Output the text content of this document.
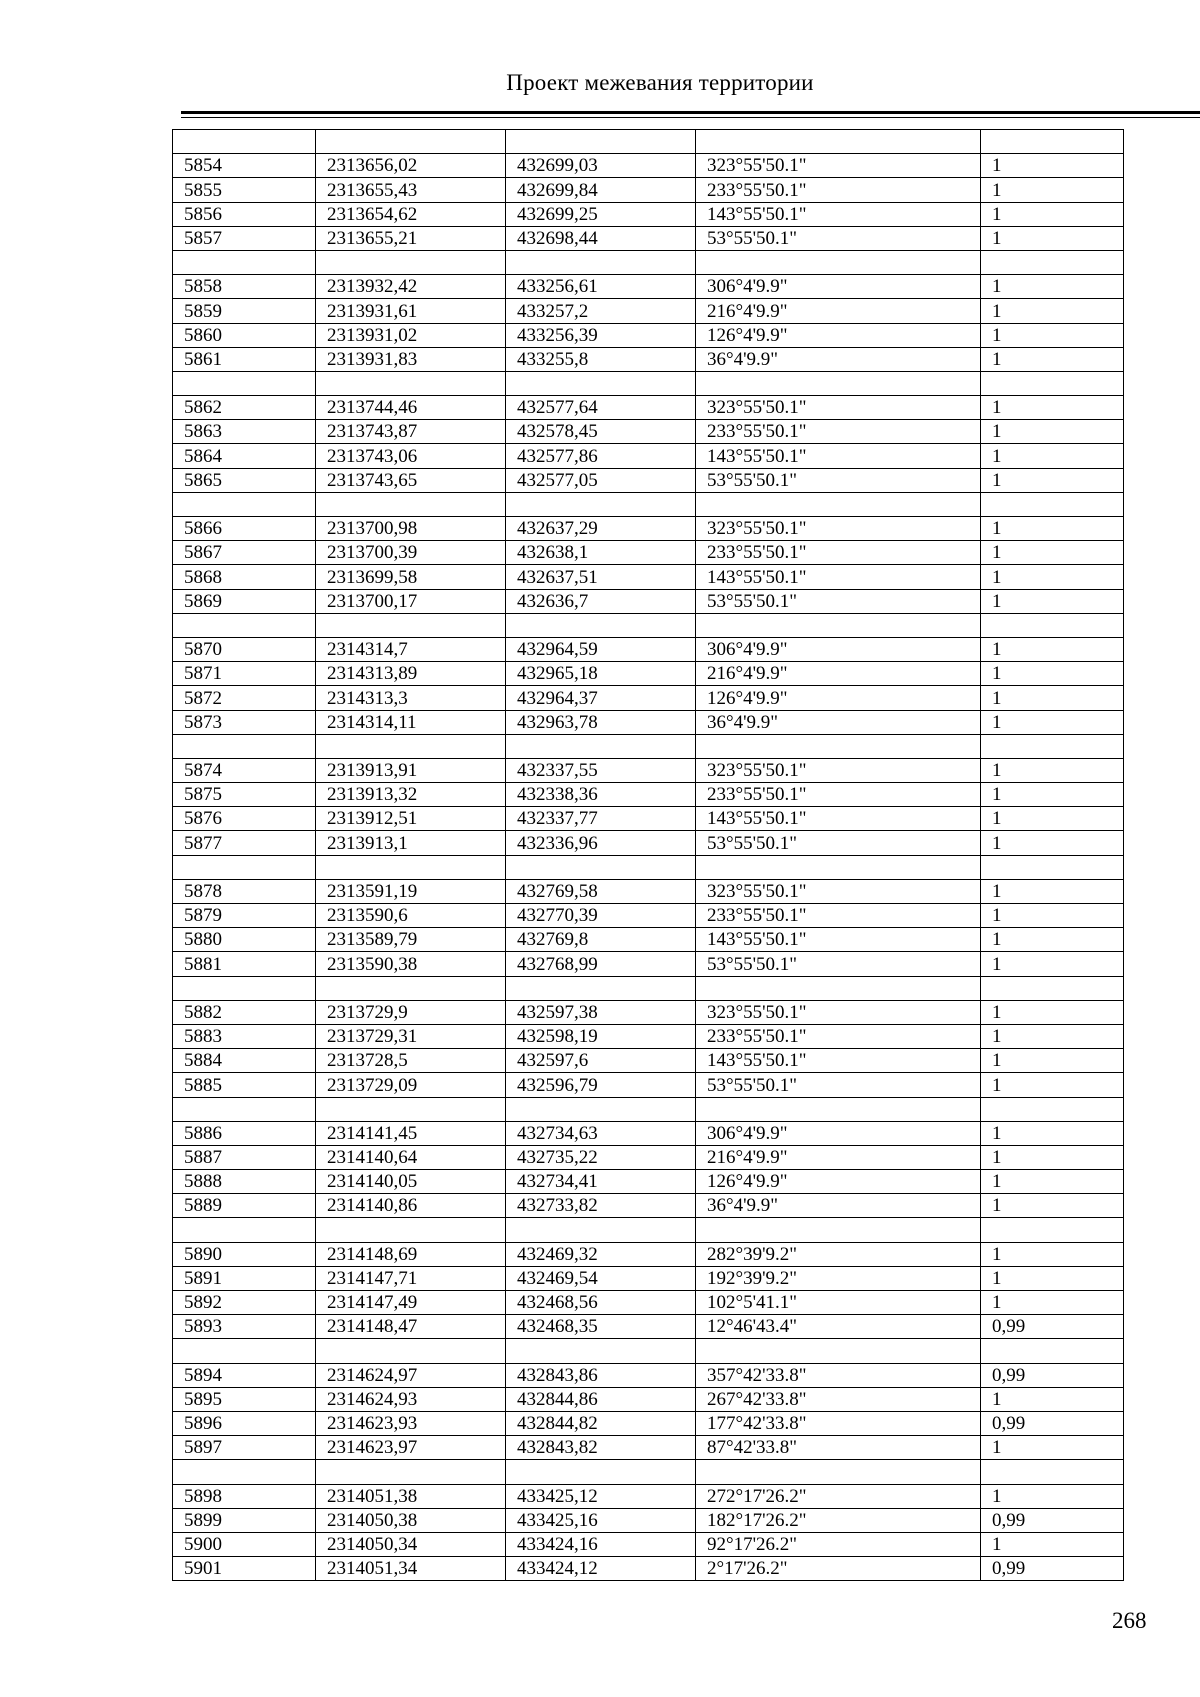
Проект межевания территории

5854	2313656,02	432699,03	323°55'50.1"	1
5855	2313655,43	432699,84	233°55'50.1"	1
5856	2313654,62	432699,25	143°55'50.1"	1
5857	2313655,21	432698,44	53°55'50.1"	1

5858	2313932,42	433256,61	306°4'9.9"	1
5859	2313931,61	433257,2	216°4'9.9"	1
5860	2313931,02	433256,39	126°4'9.9"	1
5861	2313931,83	433255,8	36°4'9.9"	1

5862	2313744,46	432577,64	323°55'50.1"	1
5863	2313743,87	432578,45	233°55'50.1"	1
5864	2313743,06	432577,86	143°55'50.1"	1
5865	2313743,65	432577,05	53°55'50.1"	1

5866	2313700,98	432637,29	323°55'50.1"	1
5867	2313700,39	432638,1	233°55'50.1"	1
5868	2313699,58	432637,51	143°55'50.1"	1
5869	2313700,17	432636,7	53°55'50.1"	1

5870	2314314,7	432964,59	306°4'9.9"	1
5871	2314313,89	432965,18	216°4'9.9"	1
5872	2314313,3	432964,37	126°4'9.9"	1
5873	2314314,11	432963,78	36°4'9.9"	1

5874	2313913,91	432337,55	323°55'50.1"	1
5875	2313913,32	432338,36	233°55'50.1"	1
5876	2313912,51	432337,77	143°55'50.1"	1
5877	2313913,1	432336,96	53°55'50.1"	1

5878	2313591,19	432769,58	323°55'50.1"	1
5879	2313590,6	432770,39	233°55'50.1"	1
5880	2313589,79	432769,8	143°55'50.1"	1
5881	2313590,38	432768,99	53°55'50.1"	1

5882	2313729,9	432597,38	323°55'50.1"	1
5883	2313729,31	432598,19	233°55'50.1"	1
5884	2313728,5	432597,6	143°55'50.1"	1
5885	2313729,09	432596,79	53°55'50.1"	1

5886	2314141,45	432734,63	306°4'9.9"	1
5887	2314140,64	432735,22	216°4'9.9"	1
5888	2314140,05	432734,41	126°4'9.9"	1
5889	2314140,86	432733,82	36°4'9.9"	1

5890	2314148,69	432469,32	282°39'9.2"	1
5891	2314147,71	432469,54	192°39'9.2"	1
5892	2314147,49	432468,56	102°5'41.1"	1
5893	2314148,47	432468,35	12°46'43.4"	0,99

5894	2314624,97	432843,86	357°42'33.8"	0,99
5895	2314624,93	432844,86	267°42'33.8"	1
5896	2314623,93	432844,82	177°42'33.8"	0,99
5897	2314623,97	432843,82	87°42'33.8"	1

5898	2314051,38	433425,12	272°17'26.2"	1
5899	2314050,38	433425,16	182°17'26.2"	0,99
5900	2314050,34	433424,16	92°17'26.2"	1
5901	2314051,34	433424,12	2°17'26.2"	0,99
268
